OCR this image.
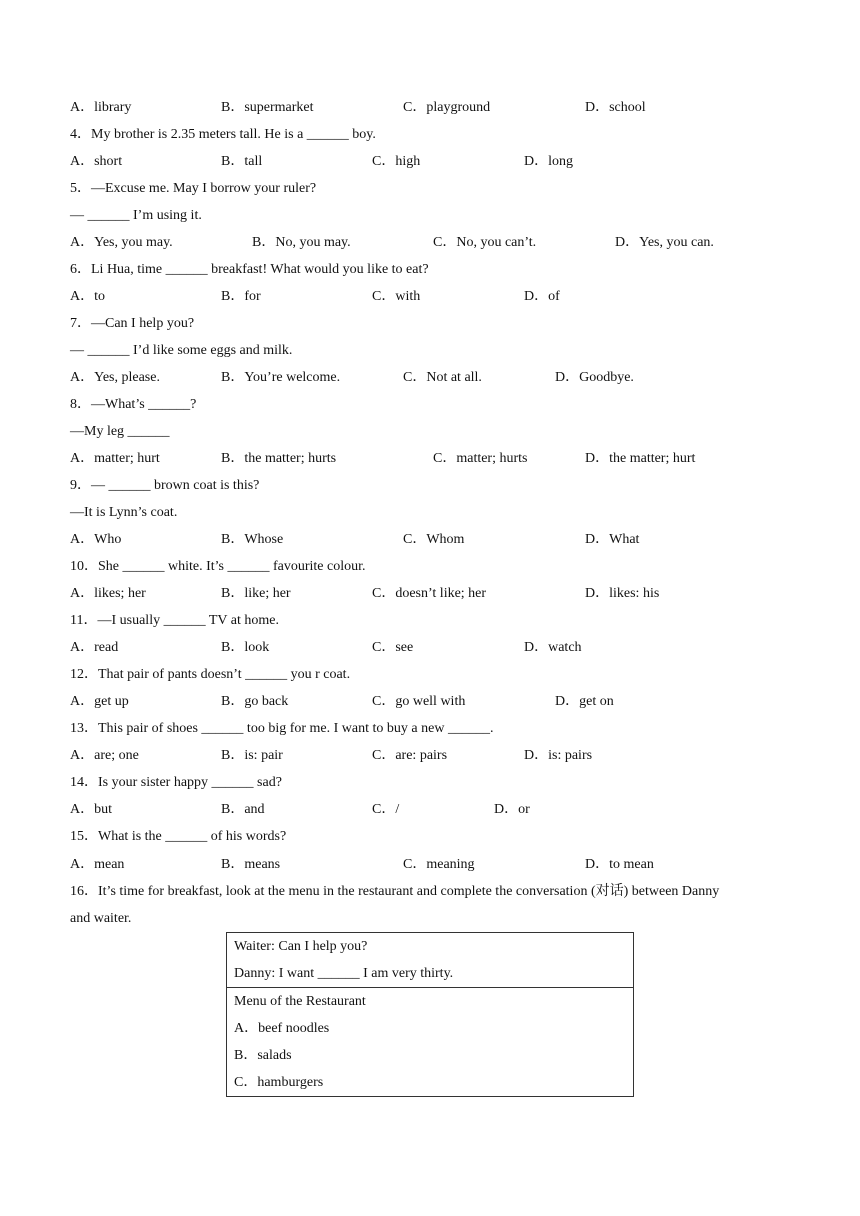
A．library	B．supermarket	C．playground	D．school
4．My brother is 2.35 meters tall. He is a ______ boy.
A．short	B．tall	C．high	D．long
5．—Excuse me. May I borrow your ruler?
— ______ I’m using it.
A．Yes, you may.	B．No, you may.	C．No, you can’t.	D．Yes, you can.
6．Li Hua, time ______ breakfast! What would you like to eat?
A．to	B．for	C．with	D．of
7．—Can I help you?
— ______ I’d like some eggs and milk.
A．Yes, please.	B．You’re welcome.	C．Not at all.	D．Goodbye.
8．—What’s ______?
—My leg ______
A．matter; hurt	B．the matter; hurts	C．matter; hurts	D．the matter; hurt
9．— ______ brown coat is this?
—It is Lynn’s coat.
A．Who	B．Whose	C．Whom	D．What
10．She ______ white. It’s ______ favourite colour.
A．likes; her	B．like; her	C．doesn’t like; her	D．likes: his
11．—I usually ______ TV at home.
A．read	B．look	C．see	D．watch
12．That pair of pants doesn’t ______ you r coat.
A．get up	B．go back	C．go well with	D．get on
13．This pair of shoes ______ too big for me. I want to buy a new ______.
A．are; one	B．is: pair	C．are: pairs	D．is: pairs
14．Is your sister happy ______ sad?
A．but	B．and	C．/	D．or
15．What is the ______ of his words?
A．mean	B．means	C．meaning	D．to mean
16．It’s time for breakfast, look at the menu in the restaurant and complete the conversation (对话) between Danny
and waiter.
Waiter: Can I help you?
Danny: I want ______ I am very thirty.
Menu of the Restaurant
A．beef noodles
B．salads
C．hamburgers
